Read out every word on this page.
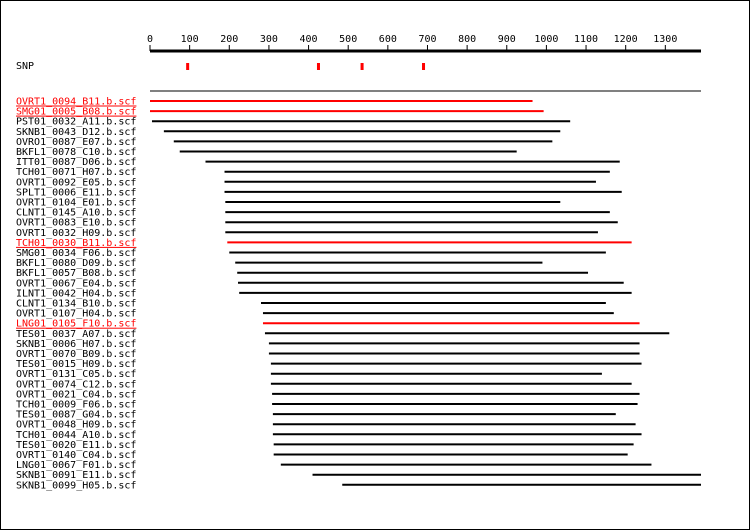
0	100 200 300 400 500 600 700 800 900 1000 1100 1200 1300
SNP
OVRT1_0094_B11.b.scf
SMG01_0005_B08.b.scf
PST01_0032_A11.b.scf
SKNB1_0043_D12.b.scf
OVRO1_0087_E07.b.scf
BKFL1_0078_C10.b.scf
ITT01_0087_D06.b.scf
TCH01_0071_H07.b.scf
OVRT1_0092_E05.b.scf
SPLT1_0006_E11.b.scf
OVRT1_0104_E01.b.scf
CLNT1_0145_A10.b.scf
OVRT1_0083_E10.b.scf
OVRT1_0032_H09.b.scf
TCH01_0030_B11.b.scf
SMG01_0034_F06.b.scf
BKFL1_0080_D09.b.scf
BKFL1_0057_B08.b.scf
OVRT1_0067_E04.b.scf
ILNT1_0042_H04.b.scf
CLNT1_0134_B10.b.scf
OVRT1_0107_H04.b.scf
LNG01_0105_F10.b.scf
TES01_0037_A07.b.scf
SKNB1_0006_H07.b.scf
OVRT1_0070_B09.b.scf
TES01_0015_H09.b.scf
OVRT1_0131_C05.b.scf
OVRT1_0074_C12.b.scf
OVRT1_0021_C04.b.scf
TCH01_0009_F06.b.scf
TES01_0087_G04.b.scf
OVRT1_0048_H09.b.scf
TCH01_0044_A10.b.scf
TES01_0020_E11.b.scf
OVRT1_0140_C04.b.scf
LNG01_0067_F01.b.scf
SKNB1_0091_E11.b.scf
SKNB1_0099_H05.b.scf
